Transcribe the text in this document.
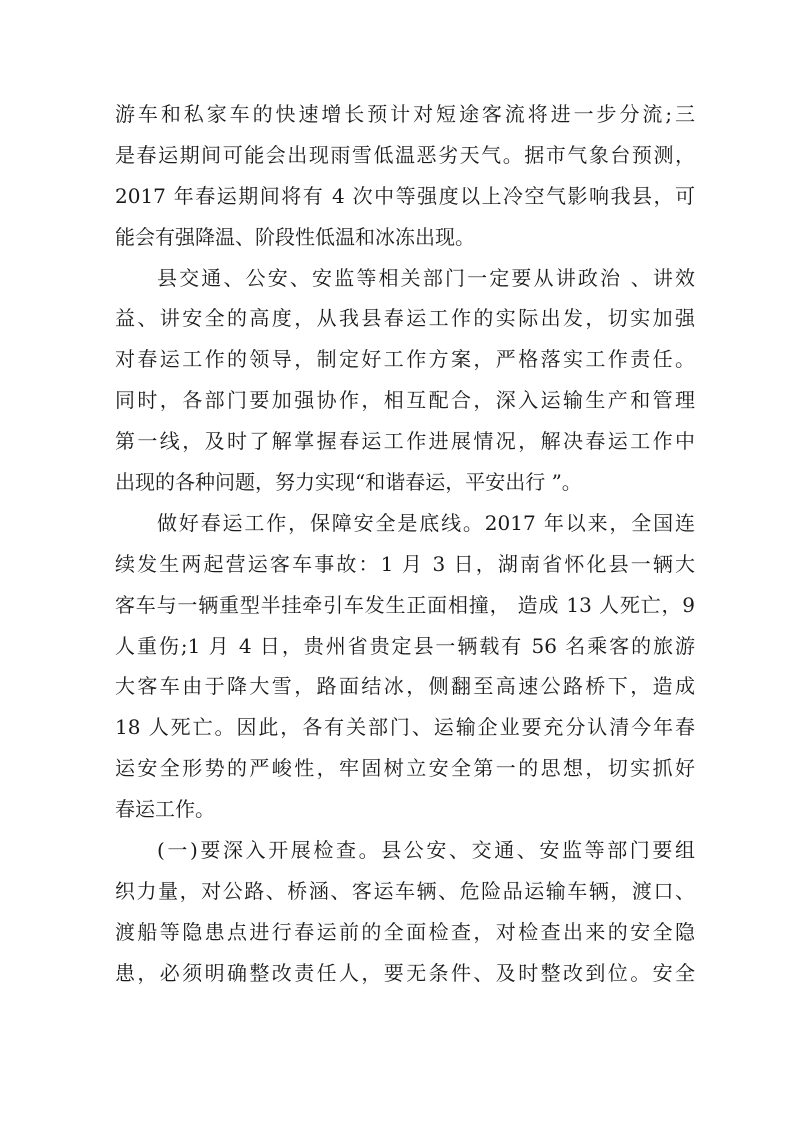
游车和私家车的快速增长预计对短途客流将进一步分流;三
是春运期间可能会出现雨雪低温恶劣天气。据市气象台预测，
2017 年春运期间将有 4 次中等强度以上冷空气影响我县，可
能会有强降温、阶段性低温和冰冻出现。
县交通、公安、安监等相关部门一定要从讲政治 、讲效
益、讲安全的高度，从我县春运工作的实际出发，切实加强
对春运工作的领导，制定好工作方案，严格落实工作责任。
同时，各部门要加强协作，相互配合，深入运输生产和管理
第一线，及时了解掌握春运工作进展情况，解决春运工作中
出现的各种问题，努力实现“和谐春运，平安出行 ”。
做好春运工作，保障安全是底线。2017 年以来，全国连
续发生两起营运客车事故：1 月 3 日，湖南省怀化县一辆大
客车与一辆重型半挂牵引车发生正面相撞， 造成 13 人死亡，9
人重伤;1 月 4 日，贵州省贵定县一辆载有 56 名乘客的旅游
大客车由于降大雪，路面结冰，侧翻至高速公路桥下，造成
18 人死亡。因此，各有关部门、运输企业要充分认清今年春
运安全形势的严峻性，牢固树立安全第一的思想，切实抓好
春运工作。
(一)要深入开展检查。县公安、交通、安监等部门要组
织力量，对公路、桥涵、客运车辆、危险品运输车辆，渡口、
渡船等隐患点进行春运前的全面检查，对检查出来的安全隐
患，必须明确整改责任人，要无条件、及时整改到位。安全
